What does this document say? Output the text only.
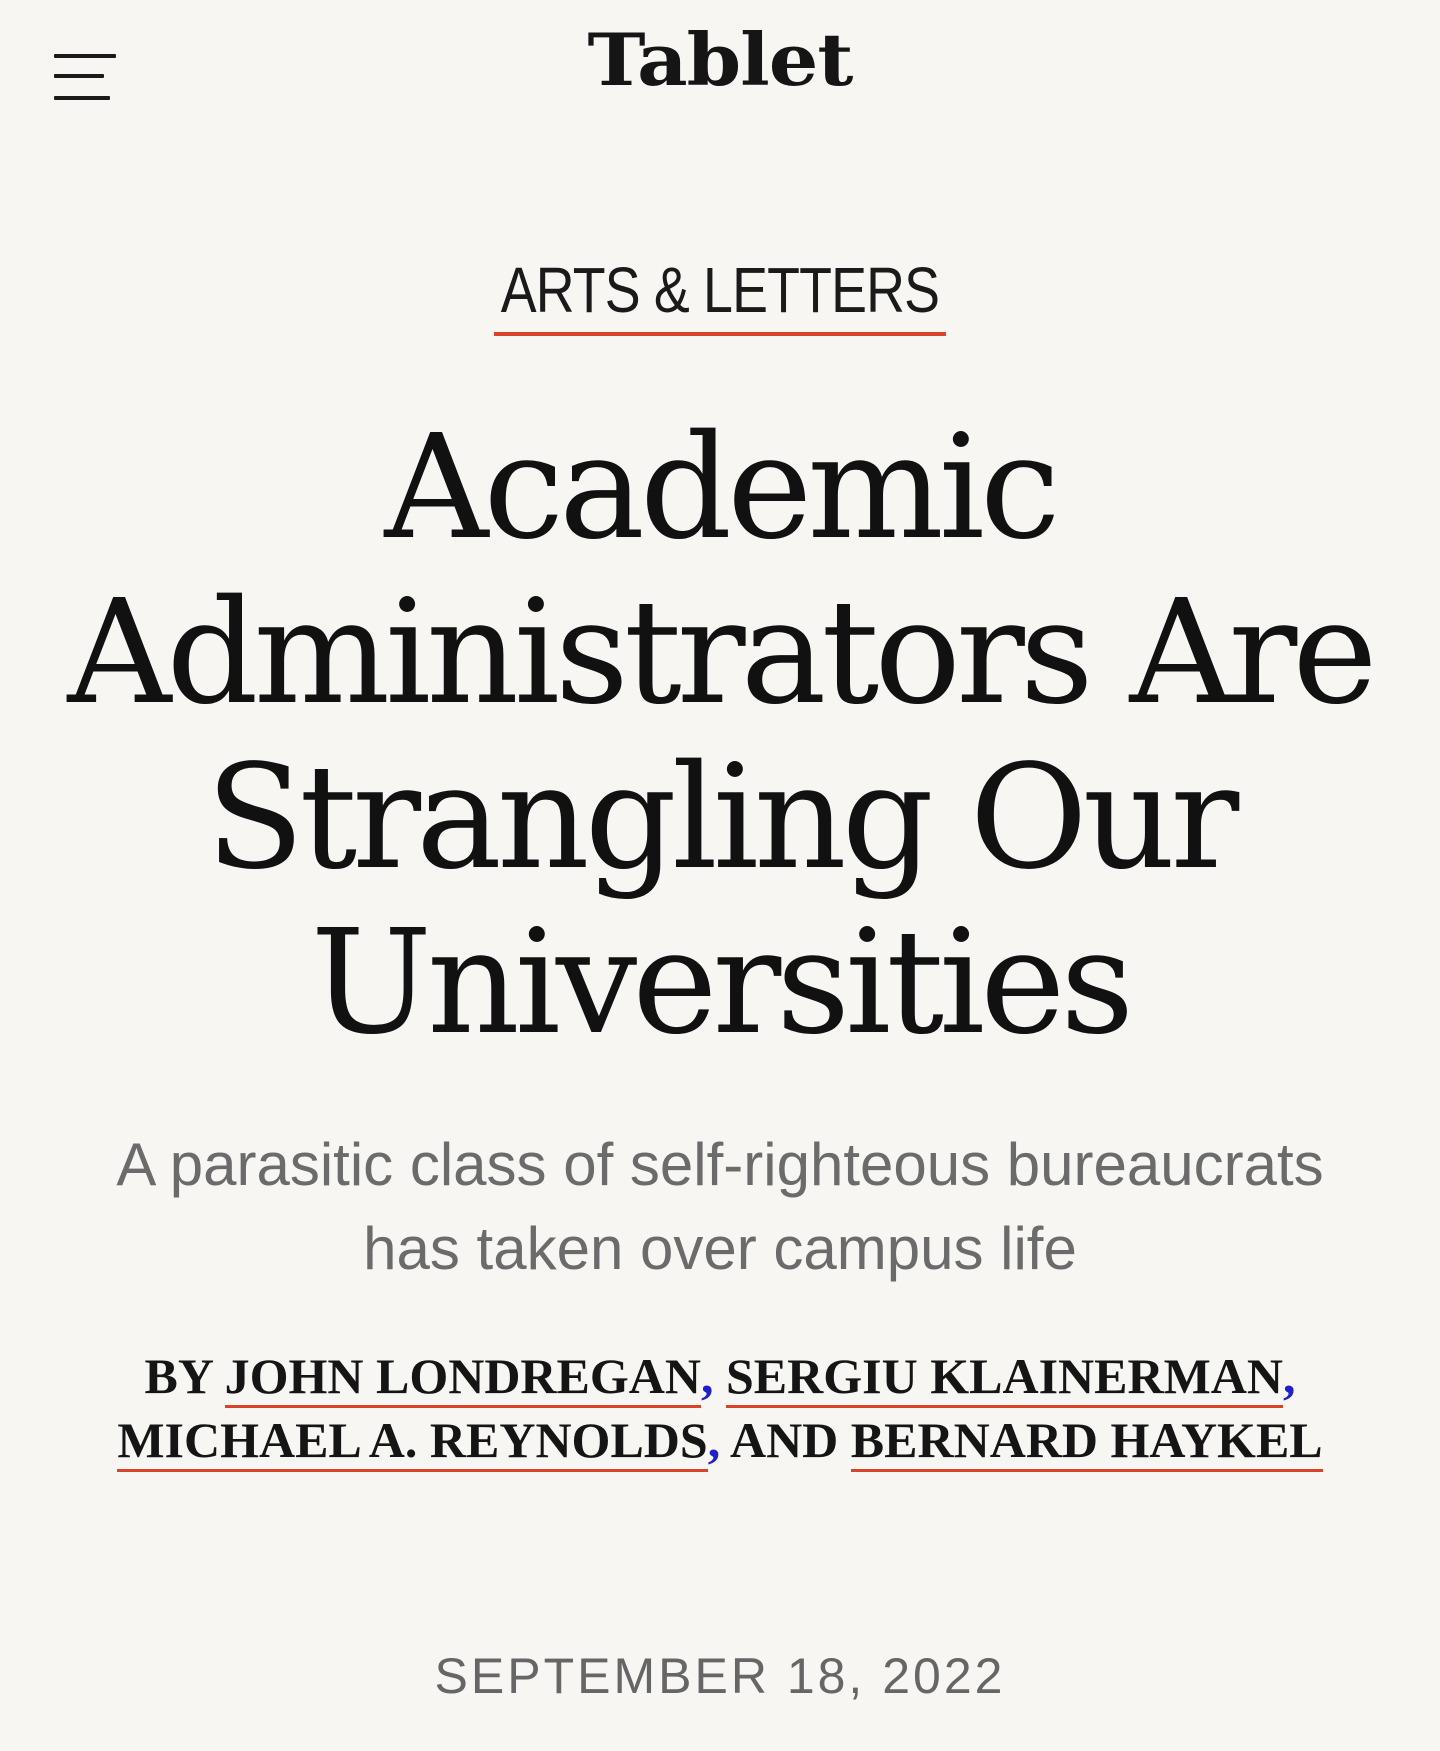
Tablet
ARTS & LETTERS
Academic Administrators Are Strangling Our Universities

A parasitic class of self-righteous bureaucrats has taken over campus life

BY JOHN LONDREGAN, SERGIU KLAINERMAN, MICHAEL A. REYNOLDS, AND BERNARD HAYKEL

SEPTEMBER 18, 2022
